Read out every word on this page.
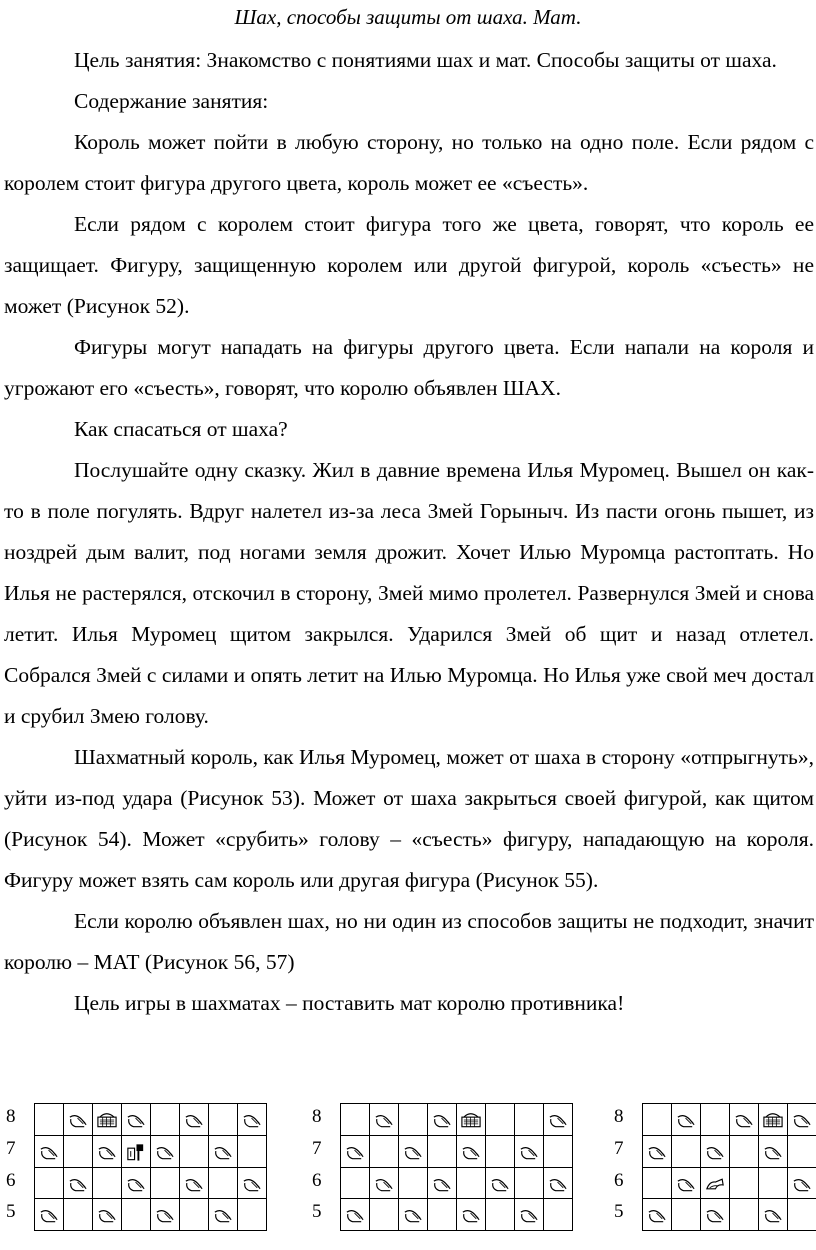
Шах, способы защиты от шаха. Мат.

Цель занятия: Знакомство с понятиями шах и мат. Способы защиты от шаха.

Содержание занятия:

Король может пойти в любую сторону, но только на одно поле. Если рядом с королем стоит фигура другого цвета, король может ее «съесть».

Если рядом с королем стоит фигура того же цвета, говорят, что король ее защищает. Фигуру, защищенную королем или другой фигурой, король «съесть» не может (Рисунок 52).

Фигуры могут нападать на фигуры другого цвета. Если напали на короля и угрожают его «съесть», говорят, что королю объявлен ШАХ.

Как спасаться от шаха?

Послушайте одну сказку. Жил в давние времена Илья Муромец. Вышел он как-то в поле погулять. Вдруг налетел из-за леса Змей Горыныч. Из пасти огонь пышет, из ноздрей дым валит, под ногами земля дрожит. Хочет Илью Муромца растоптать. Но Илья не растерялся, отскочил в сторону, Змей мимо пролетел. Развернулся Змей и снова летит. Илья Муромец щитом закрылся. Ударился Змей об щит и назад отлетел. Собрался Змей с силами и опять летит на Илью Муромца. Но Илья уже свой меч достал и срубил Змею голову.

Шахматный король, как Илья Муромец, может от шаха в сторону «отпрыгнуть», уйти из-под удара (Рисунок 53). Может от шаха закрыться своей фигурой, как щитом (Рисунок 54). Может «срубить» голову – «съесть» фигуру, нападающую на короля. Фигуру может взять сам король или другая фигура (Рисунок 55).

Если королю объявлен шах, но ни один из способов защиты не подходит, значит королю – МАТ (Рисунок 56, 57)

Цель игры в шахматах – поставить мат королю противника!

8
7
6
5
8
7
6
5
8
7
6
5
